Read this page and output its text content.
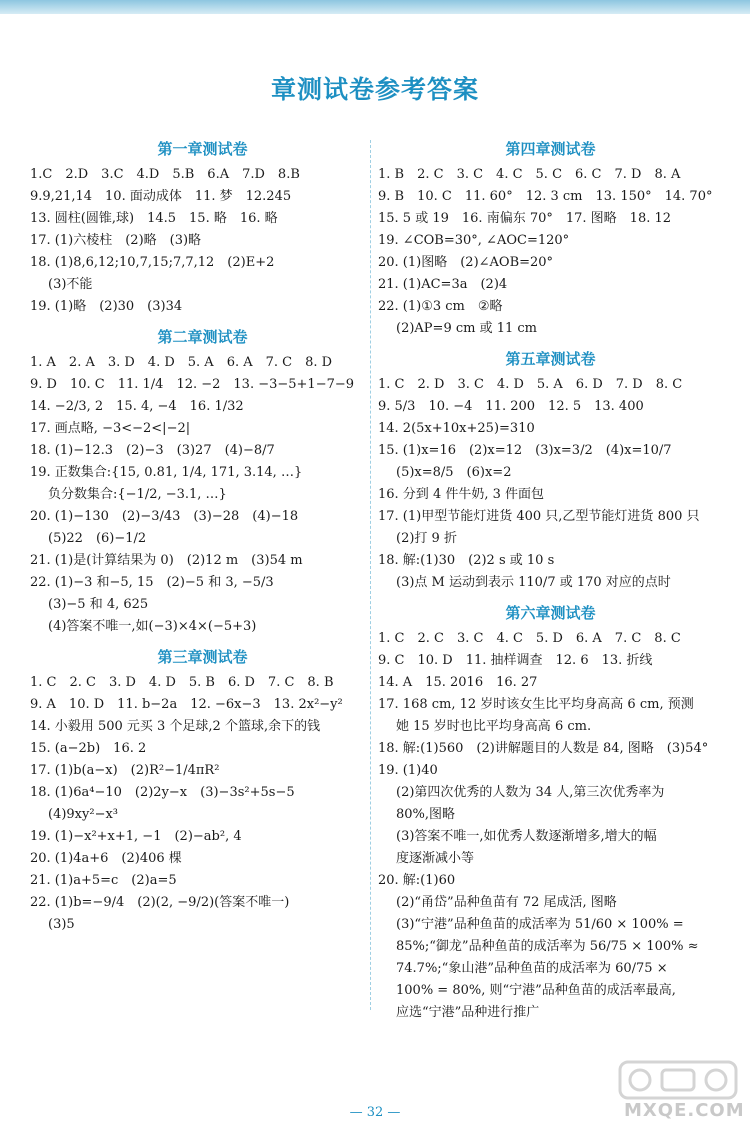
章测试卷参考答案
第一章测试卷
1.C　2.D　3.C　4.D　5.B　6.A　7.D　8.B
9.9,21,14　10. 面动成体　11. 梦　12.245
13. 圆柱(圆锥,球)　14.5　15. 略　16. 略
17. (1)六棱柱　(2)略　(3)略
18. (1)8,6,12;10,7,15;7,7,12　(2)E+2
(3)不能
19. (1)略　(2)30　(3)34
第二章测试卷
1. A　2. A　3. D　4. D　5. A　6. A　7. C　8. D
9. D　10. C　11. 1/4　12. −2　13. −3−5+1−7−9
14. −2/3, 2　15. 4, −4　16. 1/32
17. 画点略, −3<−2<|−2|
18. (1)−12.3　(2)−3　(3)27　(4)−8/7
19. 正数集合:{15, 0.81, 1/4, 171, 3.14, …}
负分数集合:{−1/2, −3.1, …}
20. (1)−130　(2)−3/43　(3)−28　(4)−18
(5)22　(6)−1/2
21. (1)是(计算结果为 0)　(2)12 m　(3)54 m
22. (1)−3 和−5, 15　(2)−5 和 3, −5/3
(3)−5 和 4, 625
(4)答案不唯一,如(−3)×4×(−5+3)
第三章测试卷
1. C　2. C　3. D　4. D　5. B　6. D　7. C　8. B
9. A　10. D　11. b−2a　12. −6x−3　13. 2x²−y²
14. 小毅用 500 元买 3 个足球,2 个篮球,余下的钱
15. (a−2b)　16. 2
17. (1)b(a−x)　(2)R²−1/4πR²
18. (1)6a⁴−10　(2)2y−x　(3)−3s²+5s−5
(4)9xy²−x³
19. (1)−x²+x+1, −1　(2)−ab², 4
20. (1)4a+6　(2)406 棵
21. (1)a+5=c　(2)a=5
22. (1)b=−9/4　(2)(2, −9/2)(答案不唯一)
(3)5
第四章测试卷
1. B　2. C　3. C　4. C　5. C　6. C　7. D　8. A
9. B　10. C　11. 60°　12. 3 cm　13. 150°　14. 70°
15. 5 或 19　16. 南偏东 70°　17. 图略　18. 12
19. ∠COB=30°, ∠AOC=120°
20. (1)图略　(2)∠AOB=20°
21. (1)AC=3a　(2)4
22. (1)①3 cm　②略
(2)AP=9 cm 或 11 cm
第五章测试卷
1. C　2. D　3. C　4. D　5. A　6. D　7. D　8. C
9. 5/3　10. −4　11. 200　12. 5　13. 400
14. 2(5x+10x+25)=310
15. (1)x=16　(2)x=12　(3)x=3/2　(4)x=10/7
(5)x=8/5　(6)x=2
16. 分到 4 件牛奶, 3 件面包
17. (1)甲型节能灯进货 400 只,乙型节能灯进货 800 只
(2)打 9 折
18. 解:(1)30　(2)2 s 或 10 s
(3)点 M 运动到表示 110/7 或 170 对应的点时
第六章测试卷
1. C　2. C　3. C　4. C　5. D　6. A　7. C　8. C
9. C　10. D　11. 抽样调查　12. 6　13. 折线
14. A　15. 2016　16. 27
17. 168 cm, 12 岁时该女生比平均身高高 6 cm, 预测
她 15 岁时也比平均身高高 6 cm.
18. 解:(1)560　(2)讲解题目的人数是 84, 图略　(3)54°
19. (1)40
(2)第四次优秀的人数为 34 人,第三次优秀率为
80%,图略
(3)答案不唯一,如优秀人数逐渐增多,增大的幅
度逐渐减小等
20. 解:(1)60
(2)“甬岱”品种鱼苗有 72 尾成活, 图略
(3)“宁港”品种鱼苗的成活率为 51/60 × 100% =
85%;“御龙”品种鱼苗的成活率为 56/75 × 100% ≈
74.7%;“象山港”品种鱼苗的成活率为 60/75 ×
100% = 80%, 则“宁港”品种鱼苗的成活率最高,
应选“宁港”品种进行推广
— 32 —	MXQE.COM
